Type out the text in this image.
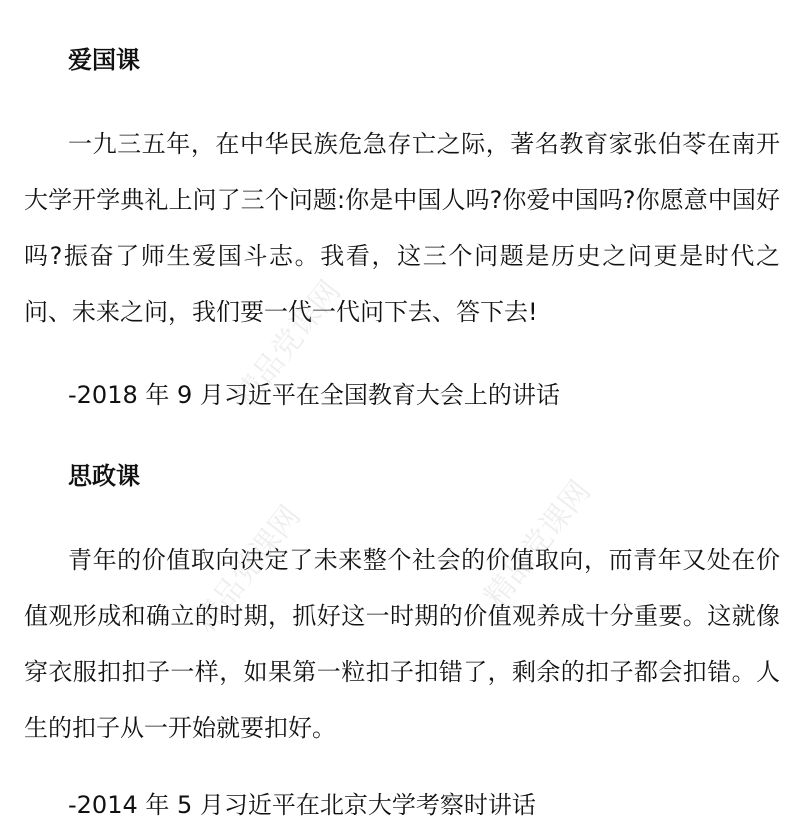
精品党课网
精品党课网	精品党课网
爱国课
一九三五年，在中华民族危急存亡之际，著名教育家张伯苓在南开大学开学典礼上问了三个问题:你是中国人吗?你爱中国吗?你愿意中国好吗?振奋了师生爱国斗志。我看，这三个问题是历史之问更是时代之问、未来之问，我们要一代一代问下去、答下去!
-2018 年 9 月习近平在全国教育大会上的讲话
思政课
青年的价值取向决定了未来整个社会的价值取向，而青年又处在价值观形成和确立的时期，抓好这一时期的价值观养成十分重要。这就像穿衣服扣扣子一样，如果第一粒扣子扣错了，剩余的扣子都会扣错。人生的扣子从一开始就要扣好。
-2014 年 5 月习近平在北京大学考察时讲话
